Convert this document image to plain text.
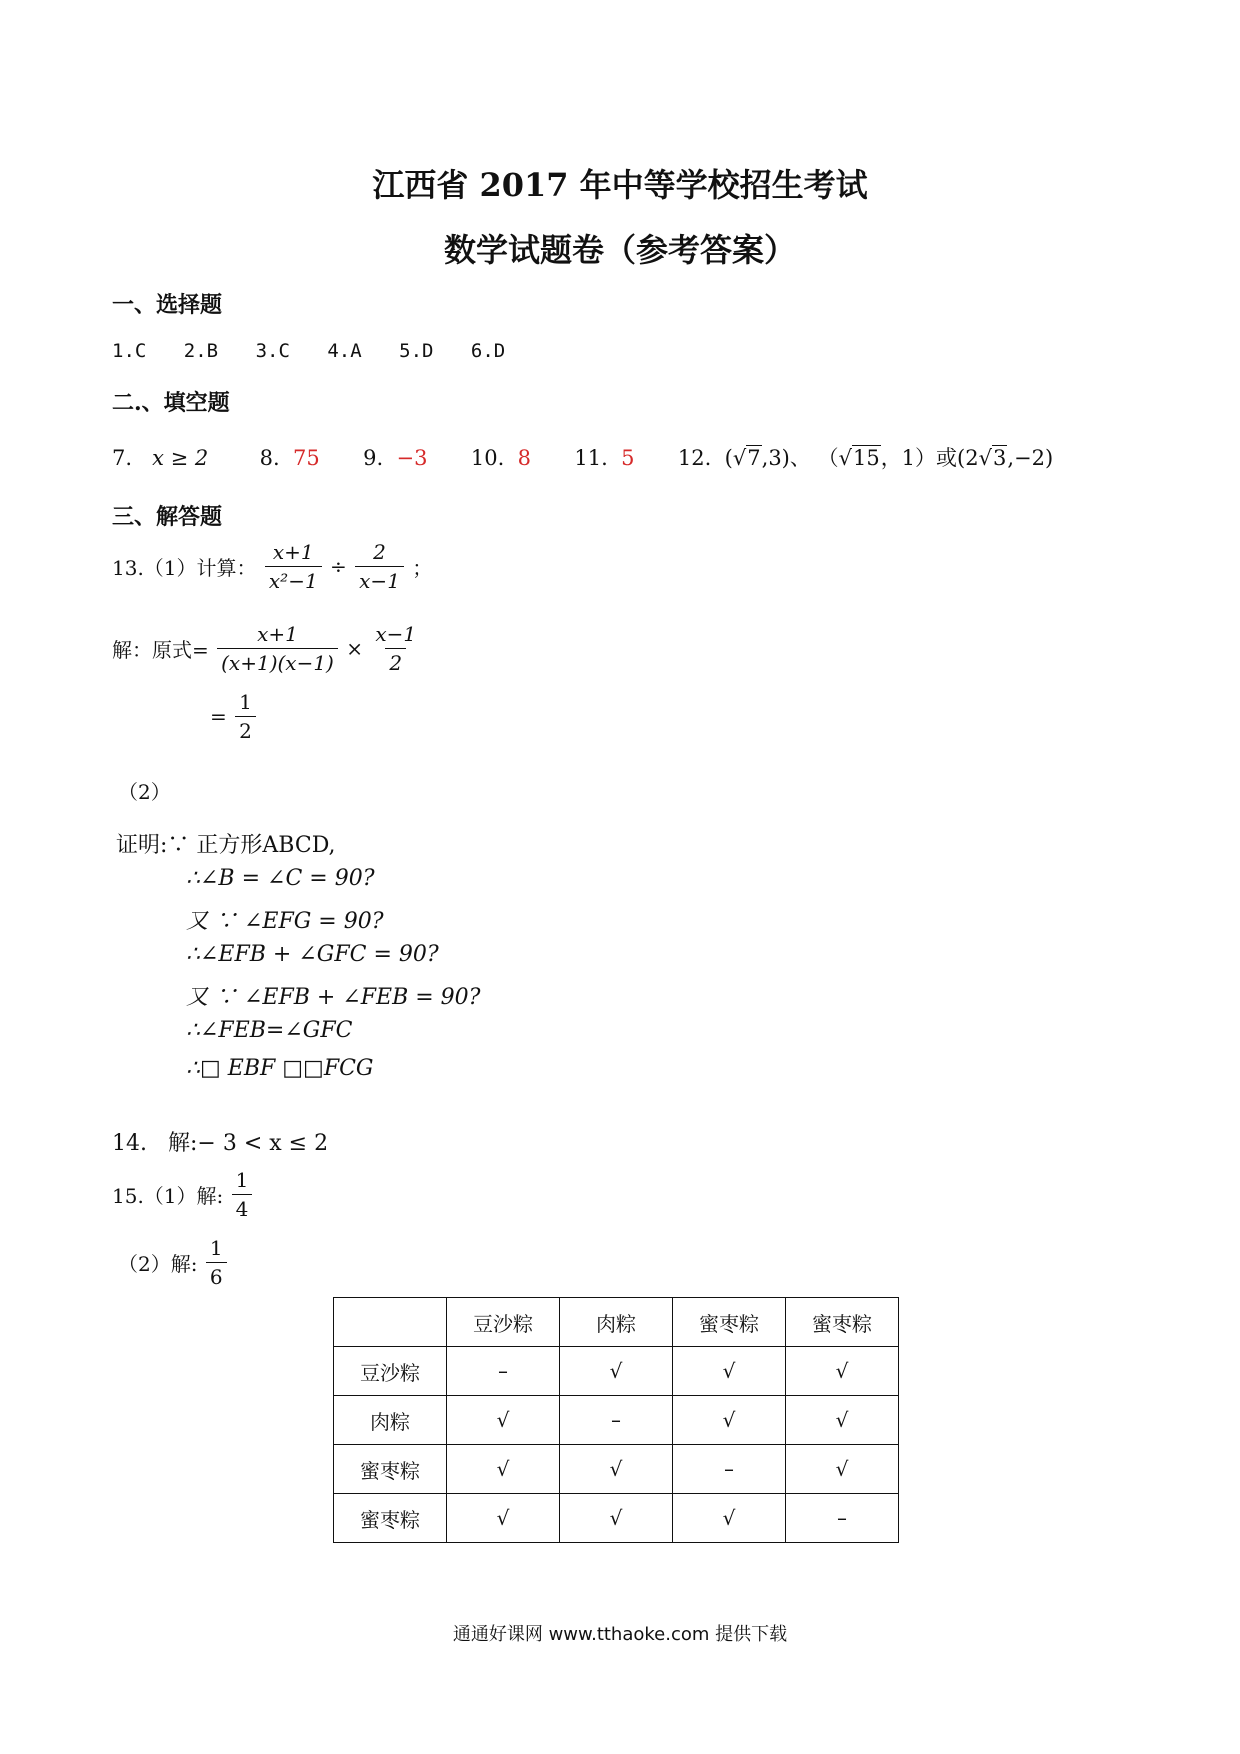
江西省 2017 年中等学校招生考试
数学试题卷（参考答案）
一、选择题
1.C 2.B 3.C 4.A 5.D 6.D
二.、填空题
7. x ≥ 2 8. 75 9. −3 10. 8 11. 5 12. (√7,3)、 （√15，1）或(2√3,−2)
三、解答题
13.（1）计算： $\frac{x+1}{\text{x²−1}} \div \frac{2}{x-1}$ ；
解：原式= $\frac{x+1}{(x+1)(x-1)} \times \frac{x-1}{2}$
= $\frac{1}{2}$
（2）
证明:∵ 正方形ABCD,
∴∠B = ∠C = 90?
又 ∵ ∠EFG = 90?
∴∠EFB + ∠GFC = 90?
又 ∵ ∠EFB + ∠FEB = 90?
∴∠FEB=∠GFC
∴□ EBF □□FCG
14. 解:− 3 < x ≤ 2
15.（1）解: $\frac{1}{4}$
（2）解: $\frac{1}{6}$
	豆沙粽	肉粽	蜜枣粽	蜜枣粽
豆沙粽	–	√	√	√
肉粽	√	–	√	√
蜜枣粽	√	√	–	√
蜜枣粽	√	√	√	–
通通好课网 www.tthaoke.com 提供下载
